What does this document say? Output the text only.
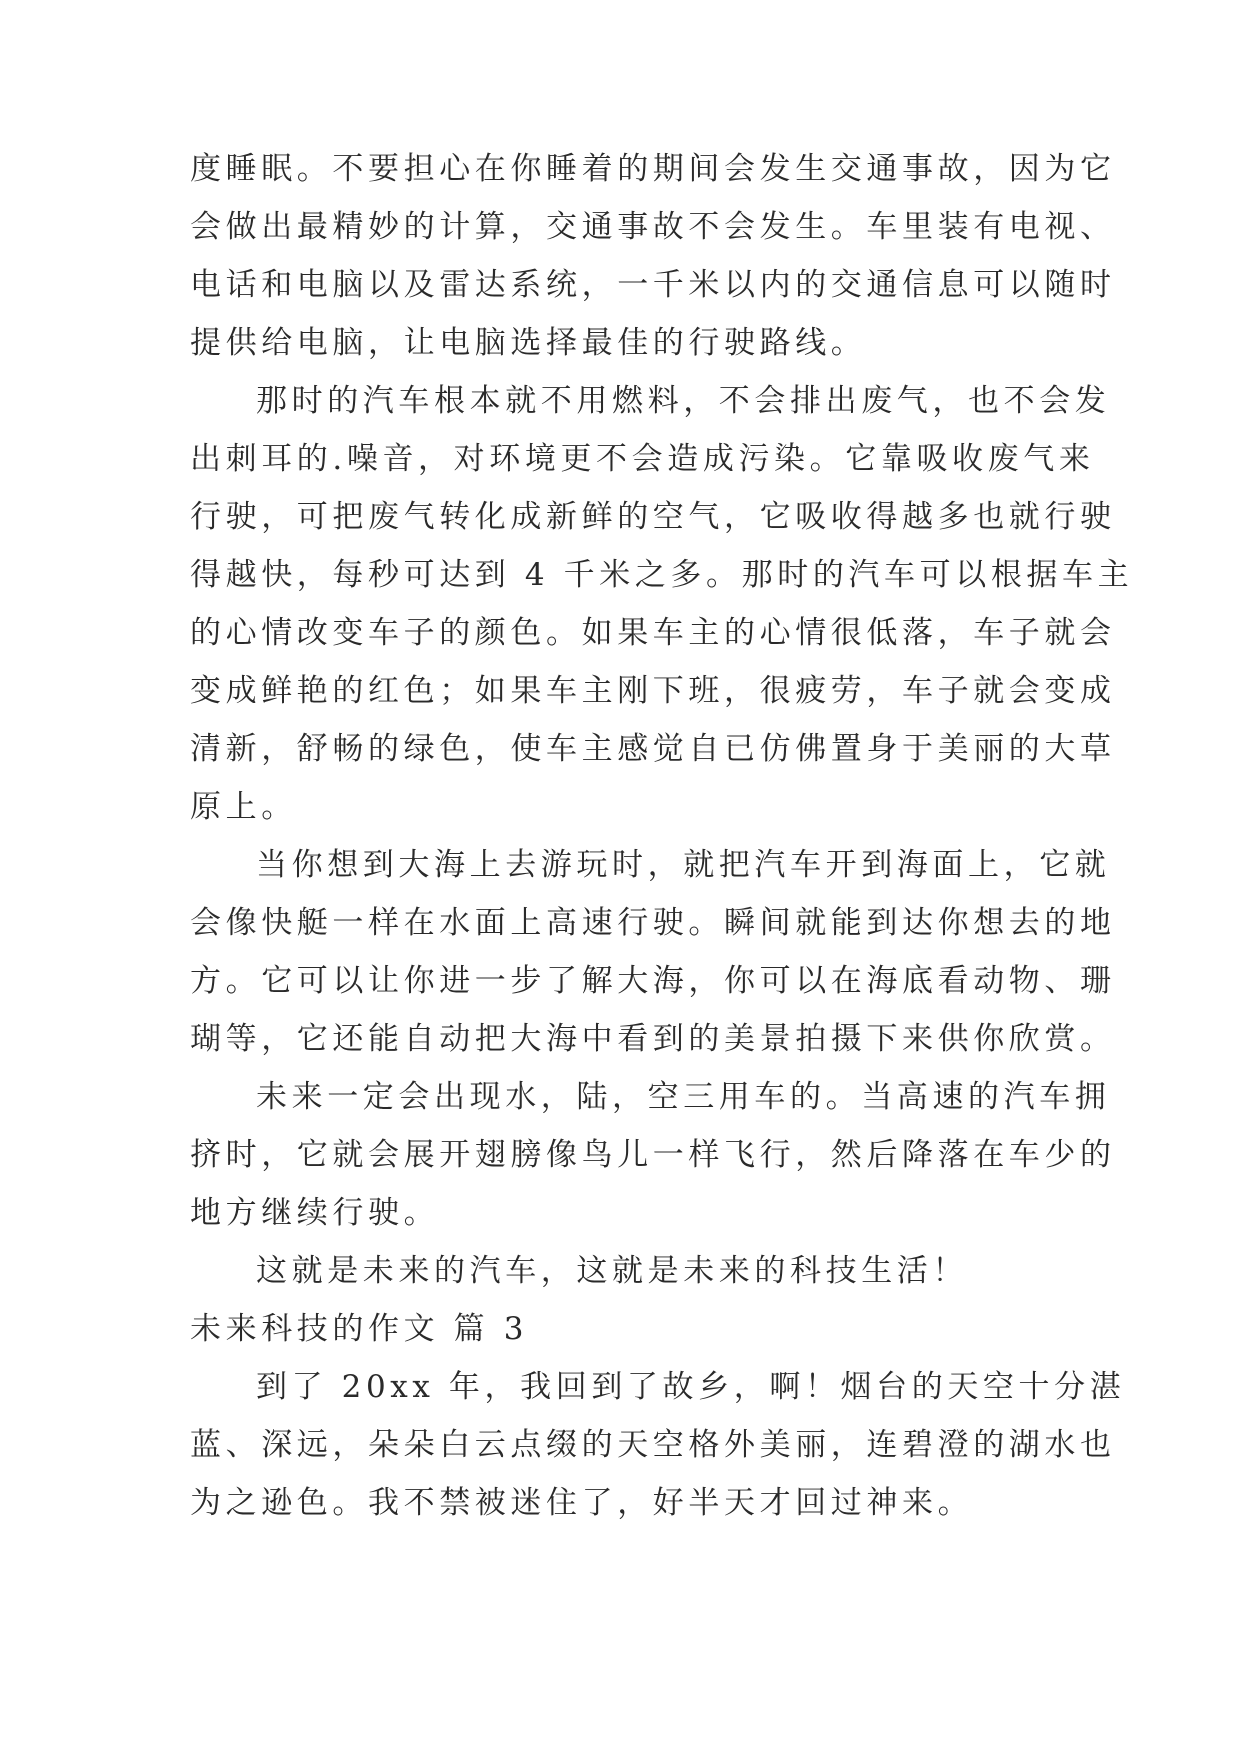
度睡眠。不要担心在你睡着的期间会发生交通事故，因为它
会做出最精妙的计算，交通事故不会发生。车里装有电视、
电话和电脑以及雷达系统，一千米以内的交通信息可以随时
提供给电脑，让电脑选择最佳的行驶路线。
那时的汽车根本就不用燃料，不会排出废气，也不会发
出刺耳的.噪音，对环境更不会造成污染。它靠吸收废气来
行驶，可把废气转化成新鲜的空气，它吸收得越多也就行驶
得越快，每秒可达到 4 千米之多。那时的汽车可以根据车主
的心情改变车子的颜色。如果车主的心情很低落，车子就会
变成鲜艳的红色；如果车主刚下班，很疲劳，车子就会变成
清新，舒畅的绿色，使车主感觉自已仿佛置身于美丽的大草
原上。
当你想到大海上去游玩时，就把汽车开到海面上，它就
会像快艇一样在水面上高速行驶。瞬间就能到达你想去的地
方。它可以让你进一步了解大海，你可以在海底看动物、珊
瑚等，它还能自动把大海中看到的美景拍摄下来供你欣赏。
未来一定会出现水，陆，空三用车的。当高速的汽车拥
挤时，它就会展开翅膀像鸟儿一样飞行，然后降落在车少的
地方继续行驶。
这就是未来的汽车，这就是未来的科技生活！
未来科技的作文 篇 3
到了 20xx 年，我回到了故乡，啊！烟台的天空十分湛
蓝、深远，朵朵白云点缀的天空格外美丽，连碧澄的湖水也
为之逊色。我不禁被迷住了，好半天才回过神来。
